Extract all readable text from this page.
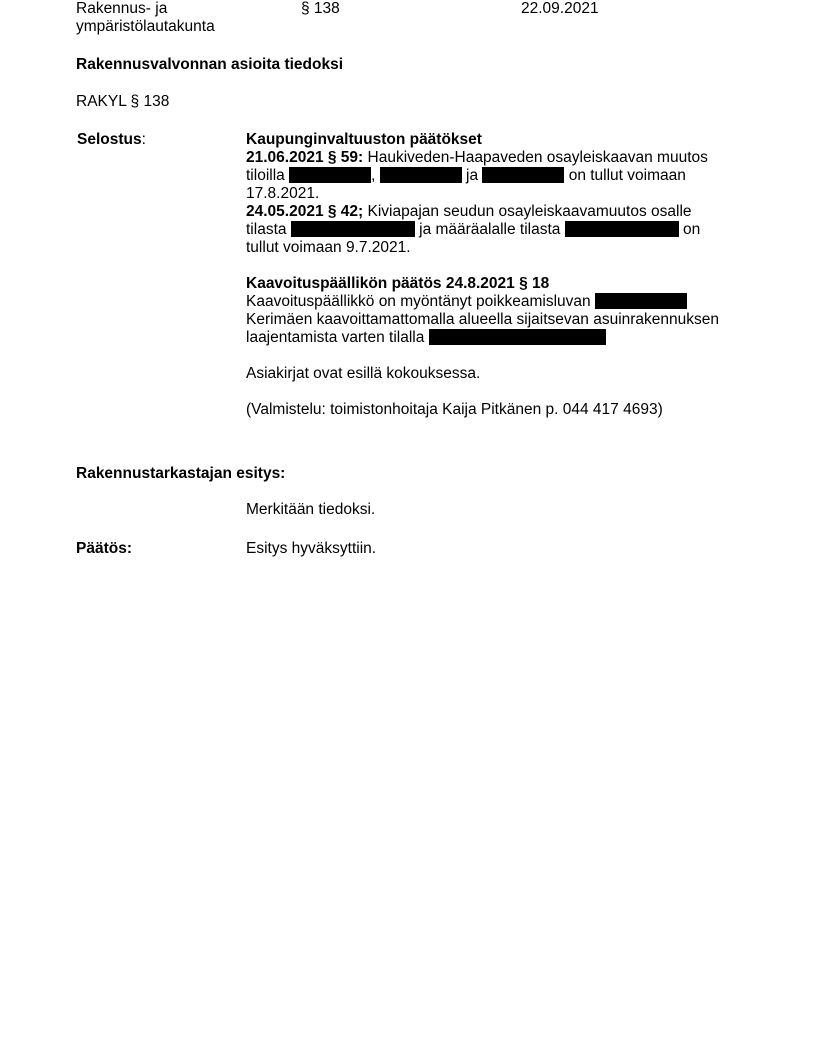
Rakennus- ja
ympäristölautakunta
§ 138	22.09.2021
Rakennusvalvonnan asioita tiedoksi
RAKYL § 138
Selostus:	Kaupunginvaltuuston päätökset

21.06.2021 § 59: Haukiveden-Haapaveden osayleiskaavan muutos
tiloilla	,	ja	on tullut voimaan
17.8.2021.

24.05.2021 § 42; Kiviapajan seudun osayleiskaavamuutos osalle
tilasta	ja määräalalle tilasta	on
tullut voimaan 9.7.2021.

Kaavoituspäällikön päätös 24.8.2021 § 18

Kaavoituspäällikkö on myöntänyt poikkeamisluvan
Kerimäen kaavoittamattomalla alueella sijaitsevan asuinrakennuksen
laajentamista varten tilalla

Asiakirjat ovat esillä kokouksessa.

(Valmistelu: toimistonhoitaja Kaija Pitkänen p. 044 417 4693)

Rakennustarkastajan esitys:
Merkitään tiedoksi.
Päätös:	Esitys hyväksyttiin.
